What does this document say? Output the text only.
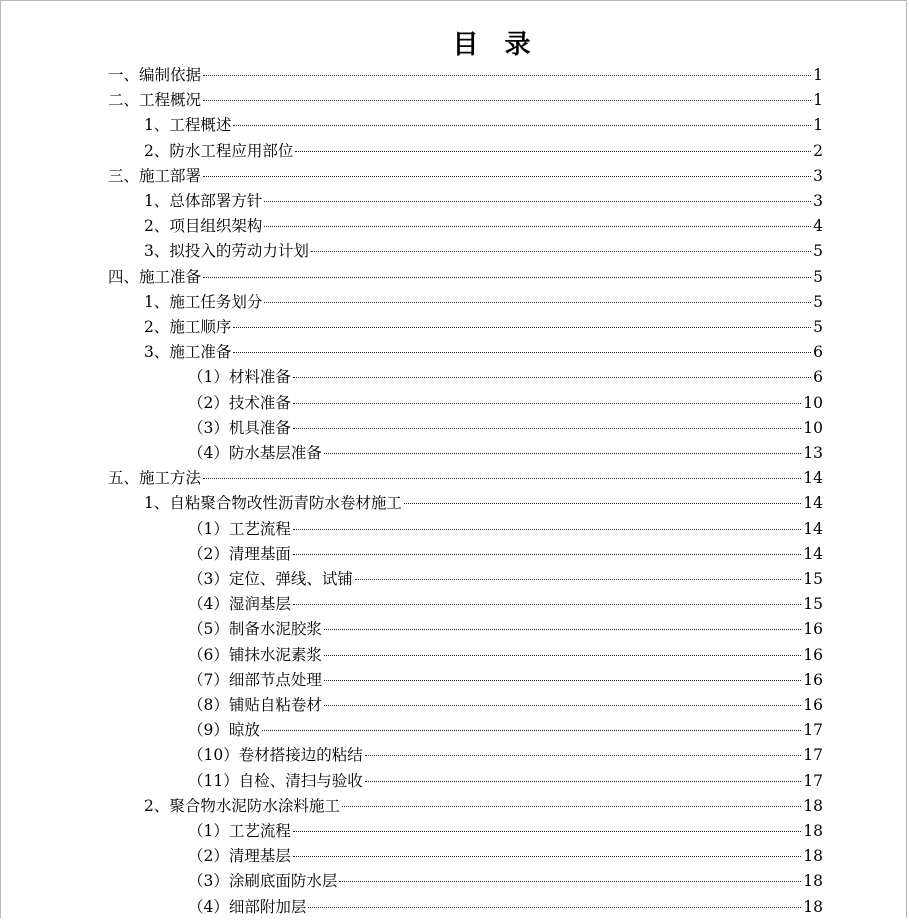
目 录
一、编制依据	1
二、工程概况	1
1、工程概述	1
2、防水工程应用部位	2
三、施工部署	3
1、总体部署方针	3
2、项目组织架构	4
3、拟投入的劳动力计划	5
四、施工准备	5
1、施工任务划分	5
2、施工顺序	5
3、施工准备	6
（1）材料准备	6
（2）技术准备	10
（3）机具准备	10
（4）防水基层准备	13
五、施工方法	14
1、自粘聚合物改性沥青防水卷材施工	14
（1）工艺流程	14
（2）清理基面	14
（3）定位、弹线、试铺	15
（4）湿润基层	15
（5）制备水泥胶浆	16
（6）铺抹水泥素浆	16
（7）细部节点处理	16
（8）铺贴自粘卷材	16
（9）晾放	17
（10）卷材搭接边的粘结	17
（11）自检、清扫与验收	17
2、聚合物水泥防水涂料施工	18
（1）工艺流程	18
（2）清理基层	18
（3）涂刷底面防水层	18
（4）细部附加层	18
